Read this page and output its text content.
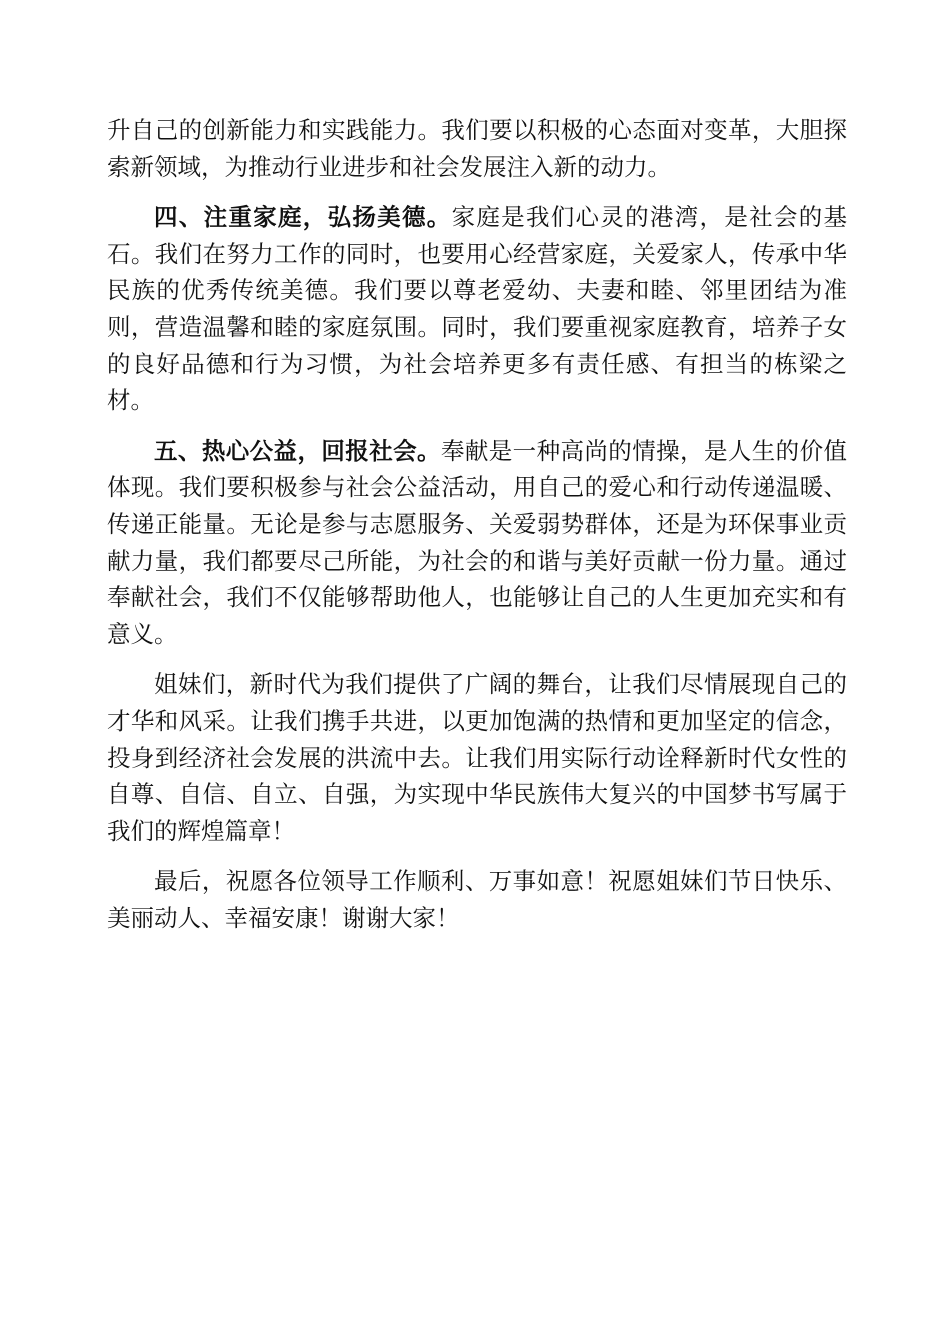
升自己的创新能力和实践能力。我们要以积极的心态面对变革，大胆探索新领域，为推动行业进步和社会发展注入新的动力。

四、注重家庭，弘扬美德。家庭是我们心灵的港湾，是社会的基石。我们在努力工作的同时，也要用心经营家庭，关爱家人，传承中华民族的优秀传统美德。我们要以尊老爱幼、夫妻和睦、邻里团结为准则，营造温馨和睦的家庭氛围。同时，我们要重视家庭教育，培养子女的良好品德和行为习惯，为社会培养更多有责任感、有担当的栋梁之材。

五、热心公益，回报社会。奉献是一种高尚的情操，是人生的价值体现。我们要积极参与社会公益活动，用自己的爱心和行动传递温暖、传递正能量。无论是参与志愿服务、关爱弱势群体，还是为环保事业贡献力量，我们都要尽己所能，为社会的和谐与美好贡献一份力量。通过奉献社会，我们不仅能够帮助他人，也能够让自己的人生更加充实和有意义。

姐妹们，新时代为我们提供了广阔的舞台，让我们尽情展现自己的才华和风采。让我们携手共进，以更加饱满的热情和更加坚定的信念，投身到经济社会发展的洪流中去。让我们用实际行动诠释新时代女性的自尊、自信、自立、自强，为实现中华民族伟大复兴的中国梦书写属于我们的辉煌篇章！

最后，祝愿各位领导工作顺利、万事如意！祝愿姐妹们节日快乐、美丽动人、幸福安康！谢谢大家！
